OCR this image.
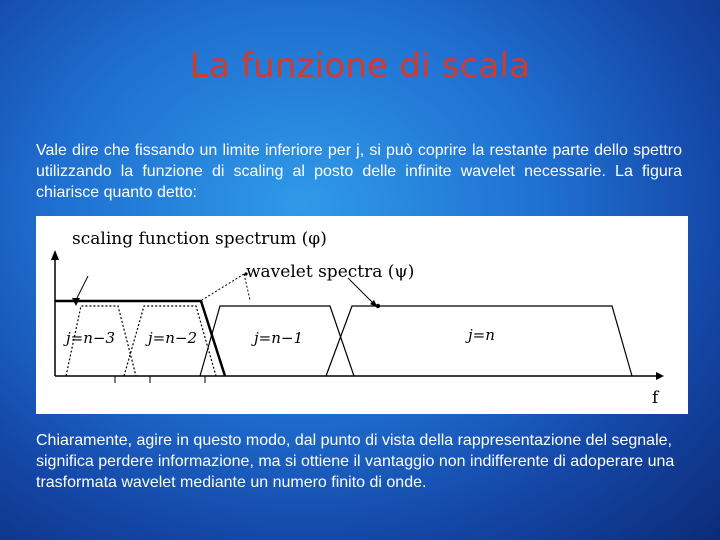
La funzione di scala

Vale dire che fissando un limite inferiore per j, si può coprire la restante parte dello spettro utilizzando la funzione di scaling al posto delle infinite wavelet necessarie. La figura chiarisce quanto detto:

scaling function spectrum (φ)
wavelet spectra (ψ)
j=n−3 j=n−2	j=n−1	j=n
f

Chiaramente, agire in questo modo, dal punto di vista della rappresentazione del segnale, significa perdere informazione, ma si ottiene il vantaggio non indifferente di adoperare una trasformata wavelet mediante un numero finito di onde.
